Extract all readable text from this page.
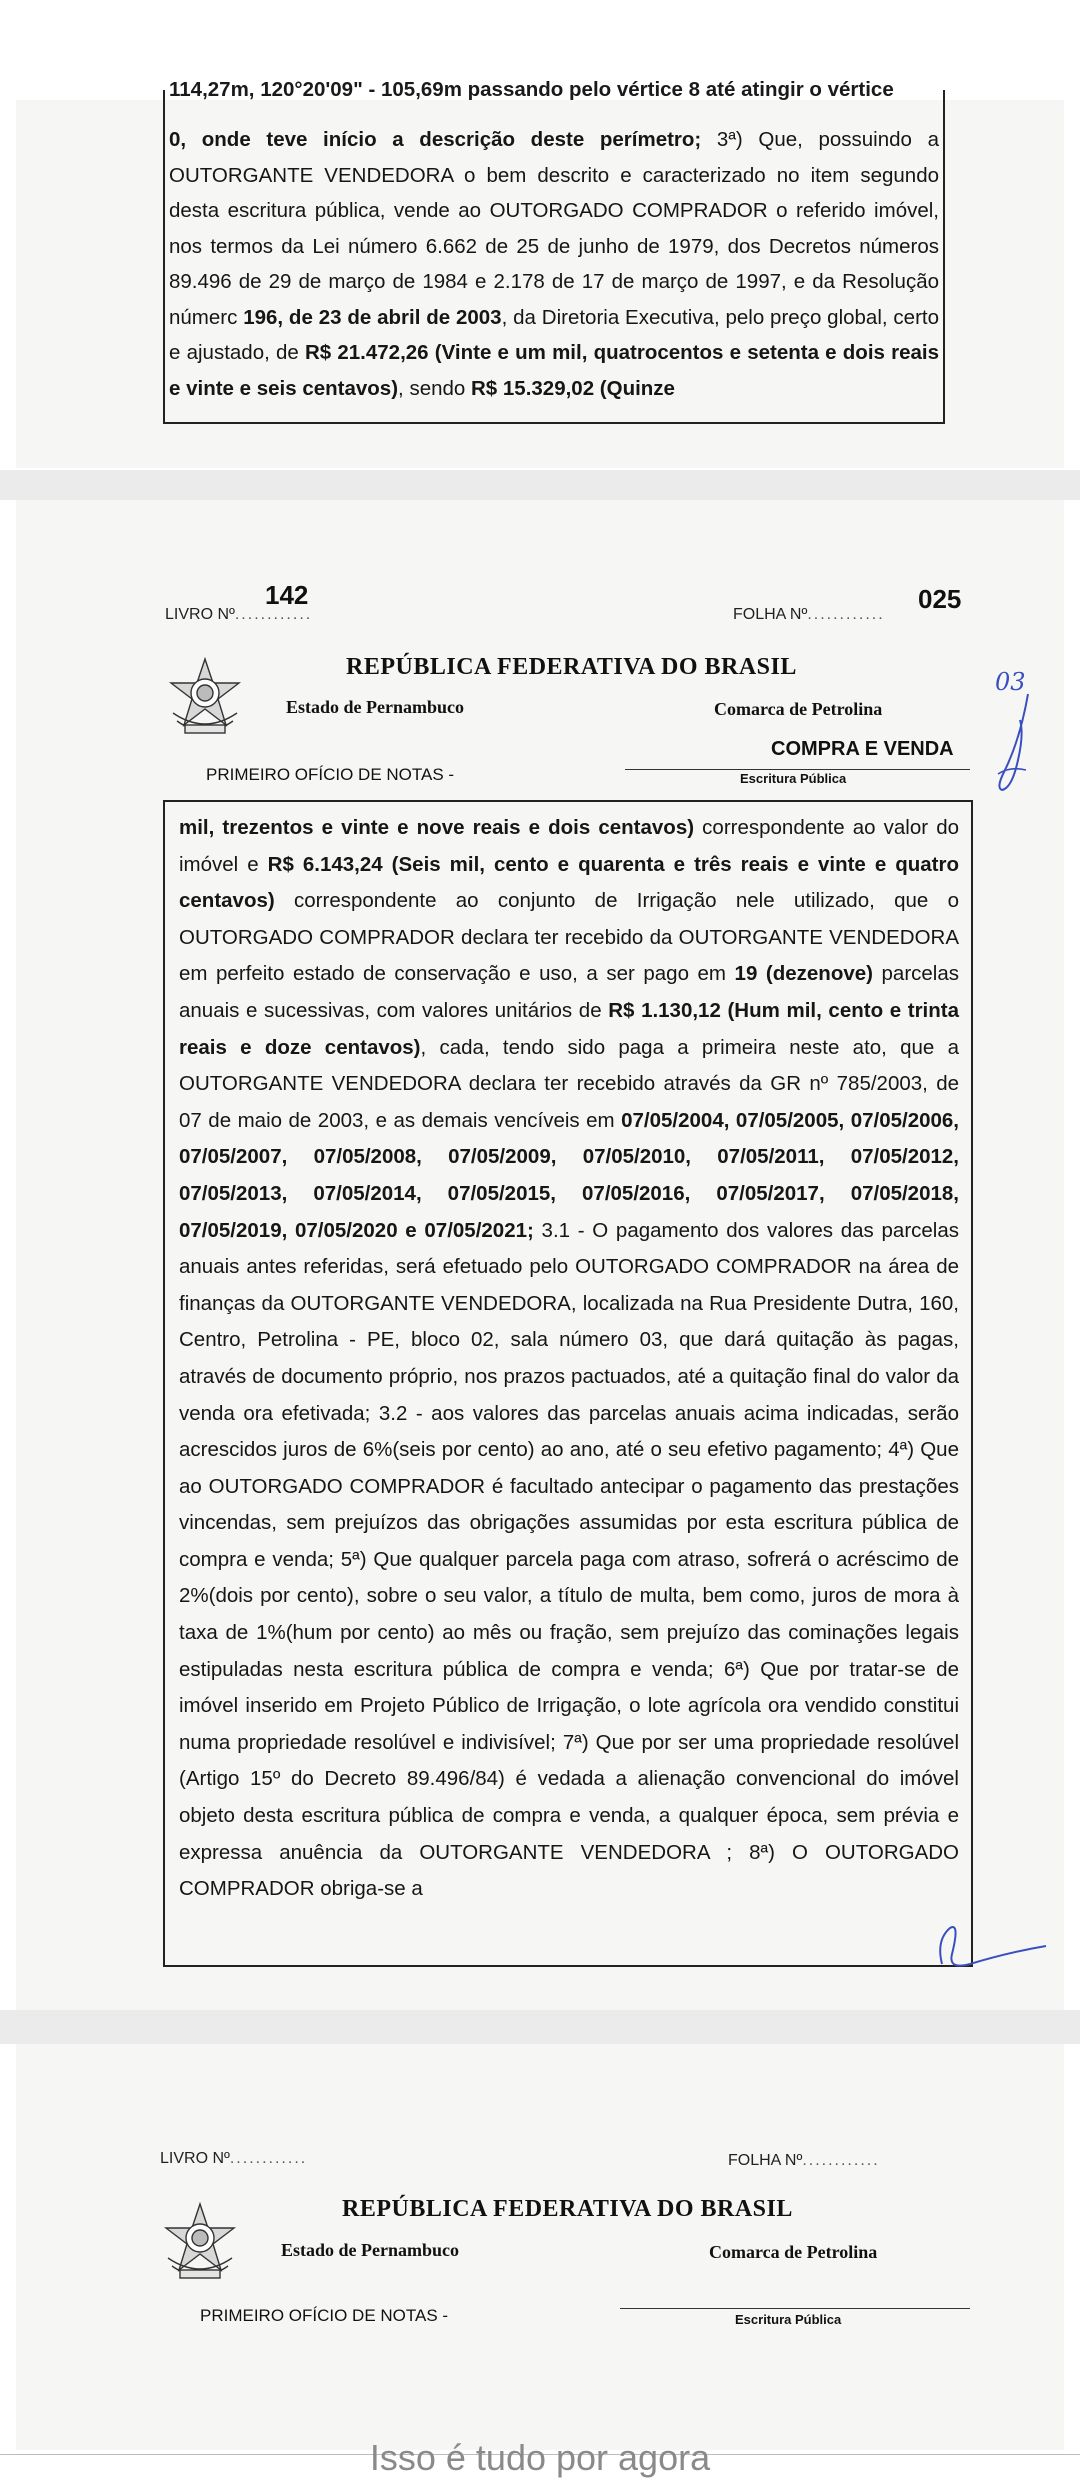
114,27m, 120°20'09" - 105,69m passando pelo vértice 8 até atingir o vértice

0, onde teve início a descrição deste perímetro; 3ª) Que, possuindo a OUTORGANTE VENDEDORA o bem descrito e caracterizado no item segundo desta escritura pública, vende ao OUTORGADO COMPRADOR o referido imóvel, nos termos da Lei número 6.662 de 25 de junho de 1979, dos Decretos números 89.496 de 29 de março de 1984 e 2.178 de 17 de março de 1997, e da Resolução númerc 196, de 23 de abril de 2003, da Diretoria Executiva, pelo preço global, certo e ajustado, de R$ 21.472,26 (Vinte e um mil, quatrocentos e setenta e dois reais e vinte e seis centavos), sendo R$ 15.329,02 (Quinze

LIVRO Nº............
142
FOLHA Nº............
025
REPÚBLICA FEDERATIVA DO BRASIL
Estado de Pernambuco	Comarca de Petrolina
COMPRA E VENDA
PRIMEIRO OFÍCIO DE NOTAS -	Escritura Pública
03

mil, trezentos e vinte e nove reais e dois centavos) correspondente ao valor do imóvel e R$ 6.143,24 (Seis mil, cento e quarenta e três reais e vinte e quatro centavos) correspondente ao conjunto de Irrigação nele utilizado, que o OUTORGADO COMPRADOR declara ter recebido da OUTORGANTE VENDEDORA em perfeito estado de conservação e uso, a ser pago em 19 (dezenove) parcelas anuais e sucessivas, com valores unitários de R$ 1.130,12 (Hum mil, cento e trinta reais e doze centavos), cada, tendo sido paga a primeira neste ato, que a OUTORGANTE VENDEDORA declara ter recebido através da GR nº 785/2003, de 07 de maio de 2003, e as demais vencíveis em 07/05/2004, 07/05/2005, 07/05/2006, 07/05/2007, 07/05/2008, 07/05/2009, 07/05/2010, 07/05/2011, 07/05/2012, 07/05/2013, 07/05/2014, 07/05/2015, 07/05/2016, 07/05/2017, 07/05/2018, 07/05/2019, 07/05/2020 e 07/05/2021; 3.1 - O pagamento dos valores das parcelas anuais antes referidas, será efetuado pelo OUTORGADO COMPRADOR na área de finanças da OUTORGANTE VENDEDORA, localizada na Rua Presidente Dutra, 160, Centro, Petrolina - PE, bloco 02, sala número 03, que dará quitação às pagas, através de documento próprio, nos prazos pactuados, até a quitação final do valor da venda ora efetivada; 3.2 - aos valores das parcelas anuais acima indicadas, serão acrescidos juros de 6%(seis por cento) ao ano, até o seu efetivo pagamento; 4ª) Que ao OUTORGADO COMPRADOR é facultado antecipar o pagamento das prestações vincendas, sem prejuízos das obrigações assumidas por esta escritura pública de compra e venda; 5ª) Que qualquer parcela paga com atraso, sofrerá o acréscimo de 2%(dois por cento), sobre o seu valor, a título de multa, bem como, juros de mora à taxa de 1%(hum por cento) ao mês ou fração, sem prejuízo das cominações legais estipuladas nesta escritura pública de compra e venda; 6ª) Que por tratar-se de imóvel inserido em Projeto Público de Irrigação, o lote agrícola ora vendido constitui numa propriedade resolúvel e indivisível; 7ª) Que por ser uma propriedade resolúvel (Artigo 15º do Decreto 89.496/84) é vedada a alienação convencional do imóvel objeto desta escritura pública de compra e venda, a qualquer época, sem prévia e expressa anuência da OUTORGANTE VENDEDORA ; 8ª) O OUTORGADO COMPRADOR obriga-se a

LIVRO Nº............	FOLHA Nº............
REPÚBLICA FEDERATIVA DO BRASIL
Estado de Pernambuco	Comarca de Petrolina
PRIMEIRO OFÍCIO DE NOTAS -	Escritura Pública
Isso é tudo por agora
